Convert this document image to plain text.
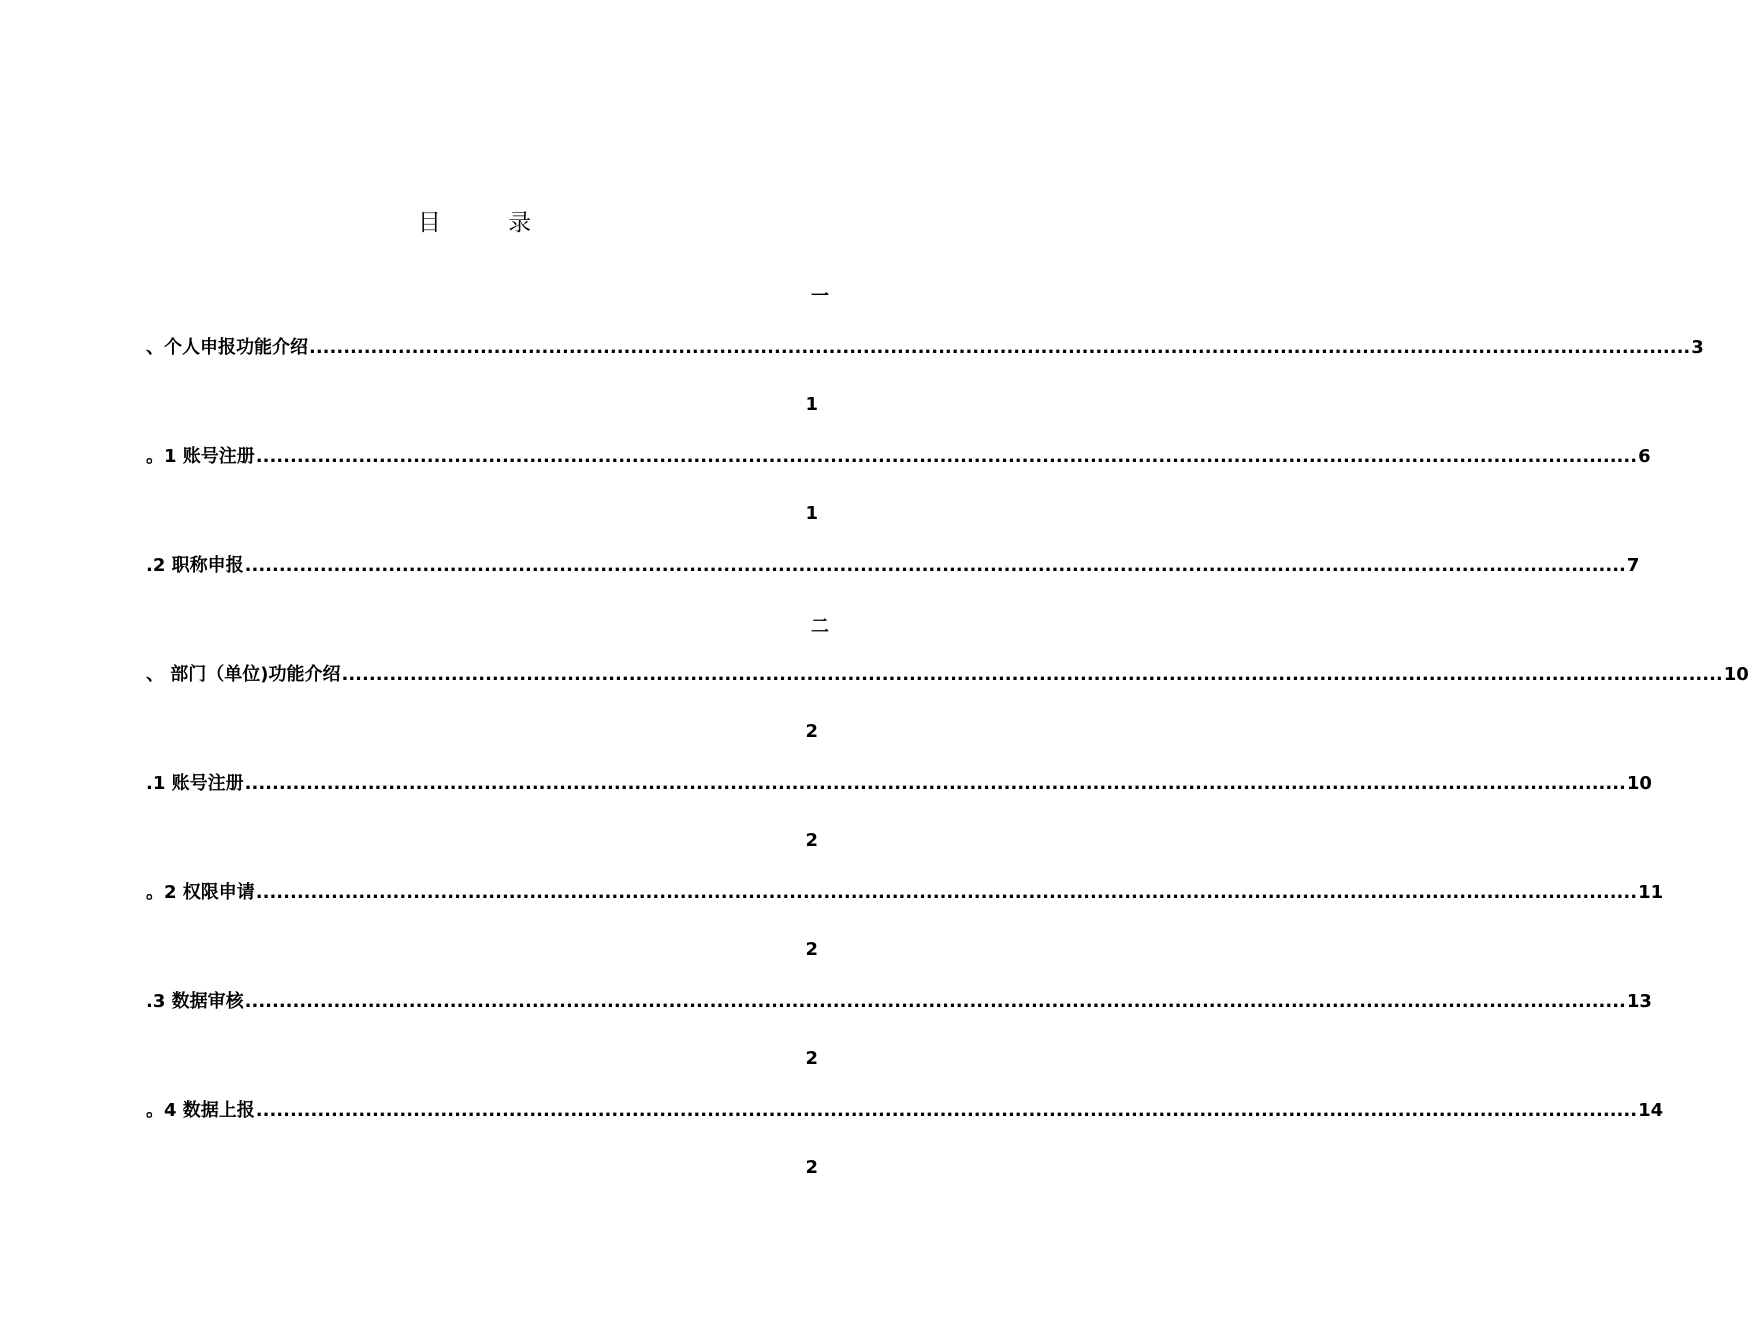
目 录
一
、个人申报功能介绍 .......................................................................................................................................................................................................... 3
1
。1 账号注册 .......................................................................................................................................................................................................... 6
1
.2 职称申报 .......................................................................................................................................................................................................... 7
二
、 部门（单位)功能介绍 .......................................................................................................................................................................................................... 10
2
.1 账号注册 .......................................................................................................................................................................................................... 10
2
。2 权限申请 .......................................................................................................................................................................................................... 11
2
.3 数据审核 .......................................................................................................................................................................................................... 13
2
。4 数据上报 .......................................................................................................................................................................................................... 14
2
